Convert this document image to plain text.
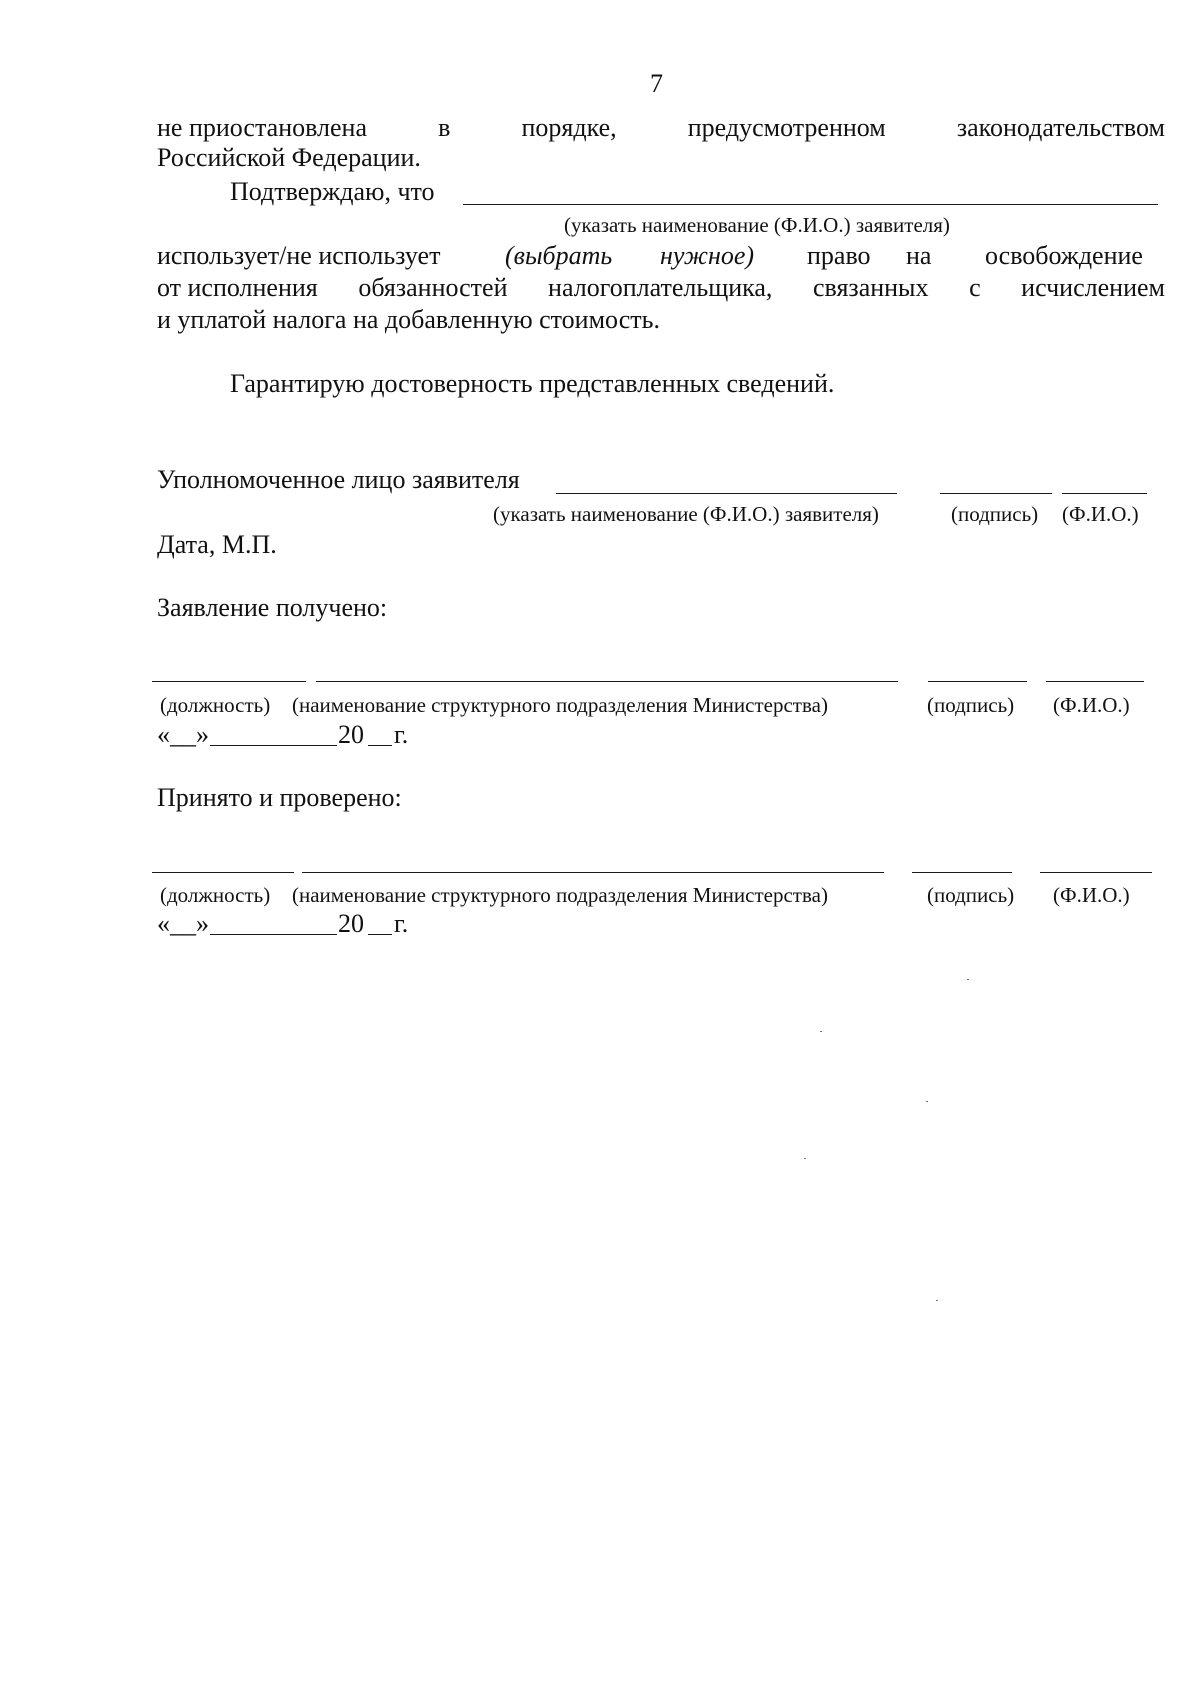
7
не приостановлена	в	порядке,	предусмотренном	законодательством
Российской Федерации.
Подтверждаю, что
(указать наименование (Ф.И.О.) заявителя)
использует/не использует (выбрать нужное) право на освобождение
от исполнения обязанностей налогоплательщика, связанных с исчислением
и уплатой налога на добавленную стоимость.
Гарантирую достоверность представленных сведений.
Уполномоченное лицо заявителя
(указать наименование (Ф.И.О.) заявителя)	(подпись) (Ф.И.О.)
Дата, М.П.
Заявление получено:
(должность) (наименование структурного подразделения Министерства)	(подпись) (Ф.И.О.)
«__»	20 г.
Принято и проверено:
(должность) (наименование структурного подразделения Министерства)	(подпись) (Ф.И.О.)
«__»	20 г.
